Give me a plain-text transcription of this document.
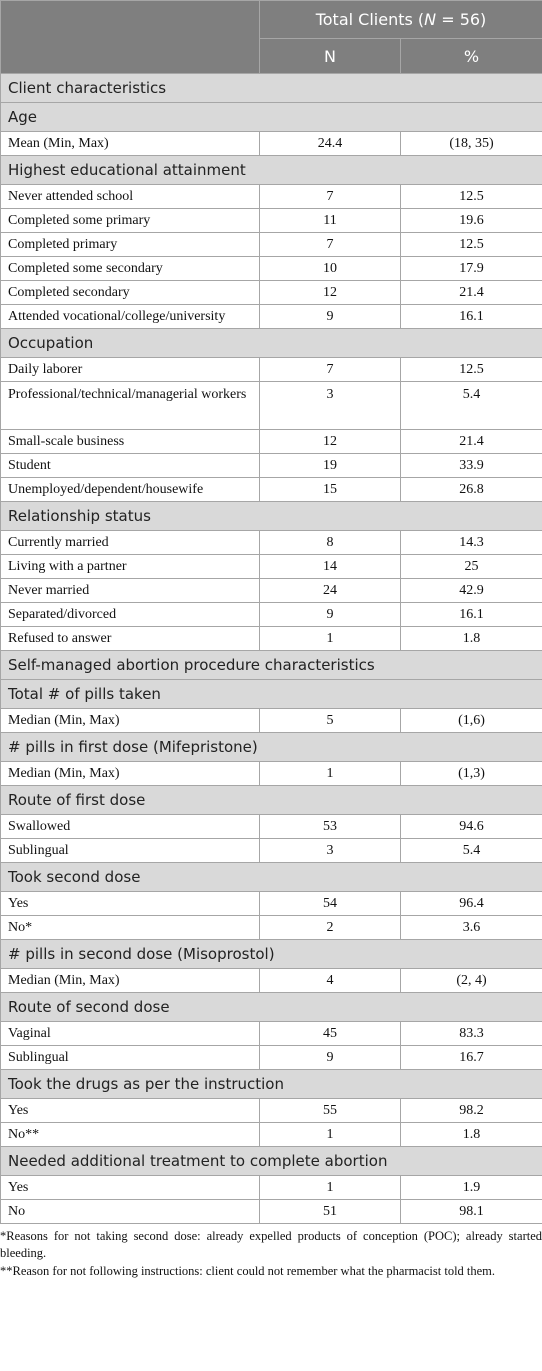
	Total Clients (N = 56)	
	N	%
Client characteristics		
Age		
Mean (Min, Max)	24.4	(18, 35)
Highest educational attainment		
Never attended school	7	12.5
Completed some primary	11	19.6
Completed primary	7	12.5
Completed some secondary	10	17.9
Completed secondary	12	21.4
Attended vocational/college/university	9	16.1
Occupation		
Daily laborer	7	12.5
Professional/technical/managerial workers	3	5.4
Small-scale business	12	21.4
Student	19	33.9
Unemployed/dependent/housewife	15	26.8
Relationship status		
Currently married	8	14.3
Living with a partner	14	25
Never married	24	42.9
Separated/divorced	9	16.1
Refused to answer	1	1.8
Self-managed abortion procedure characteristics		
Total # of pills taken		
Median (Min, Max)	5	(1,6)
# pills in first dose (Mifepristone)		
Median (Min, Max)	1	(1,3)
Route of first dose		
Swallowed	53	94.6
Sublingual	3	5.4
Took second dose		
Yes	54	96.4
No*	2	3.6
# pills in second dose (Misoprostol)		
Median (Min, Max)	4	(2, 4)
Route of second dose		
Vaginal	45	83.3
Sublingual	9	16.7
Took the drugs as per the instruction		
Yes	55	98.2
No**	1	1.8
Needed additional treatment to complete abortion		
Yes	1	1.9
No	51	98.1

*Reasons for not taking second dose: already expelled products of conception (POC); already started bleeding.

**Reason for not following instructions: client could not remember what the pharmacist told them.
